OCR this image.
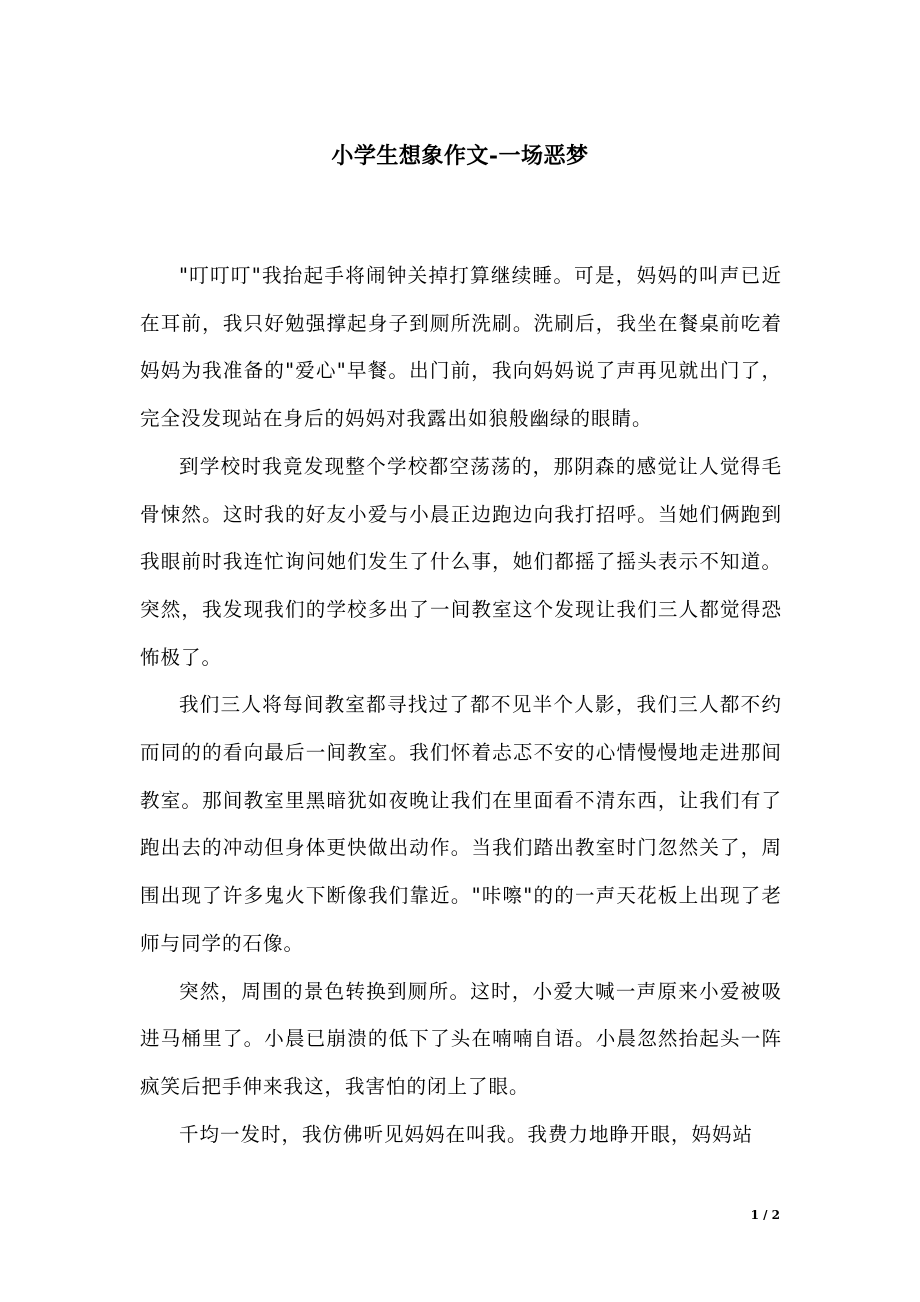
小学生想象作文-一场恶梦

"叮叮叮"我抬起手将闹钟关掉打算继续睡。可是，妈妈的叫声已近在耳前，我只好勉强撑起身子到厕所洗刷。洗刷后，我坐在餐桌前吃着妈妈为我准备的"爱心"早餐。出门前，我向妈妈说了声再见就出门了，完全没发现站在身后的妈妈对我露出如狼般幽绿的眼睛。

到学校时我竟发现整个学校都空荡荡的，那阴森的感觉让人觉得毛骨悚然。这时我的好友小爱与小晨正边跑边向我打招呼。当她们俩跑到我眼前时我连忙询问她们发生了什么事，她们都摇了摇头表示不知道。突然，我发现我们的学校多出了一间教室这个发现让我们三人都觉得恐怖极了。

我们三人将每间教室都寻找过了都不见半个人影，我们三人都不约而同的的看向最后一间教室。我们怀着忐忑不安的心情慢慢地走进那间教室。那间教室里黑暗犹如夜晚让我们在里面看不清东西，让我们有了跑出去的冲动但身体更快做出动作。当我们踏出教室时门忽然关了，周围出现了许多鬼火下断像我们靠近。"咔嚓"的的一声天花板上出现了老师与同学的石像。

突然，周围的景色转换到厕所。这时，小爱大喊一声原来小爱被吸进马桶里了。小晨已崩溃的低下了头在喃喃自语。小晨忽然抬起头一阵疯笑后把手伸来我这，我害怕的闭上了眼。

千均一发时，我仿佛听见妈妈在叫我。我费力地睁开眼，妈妈站

1 / 2
